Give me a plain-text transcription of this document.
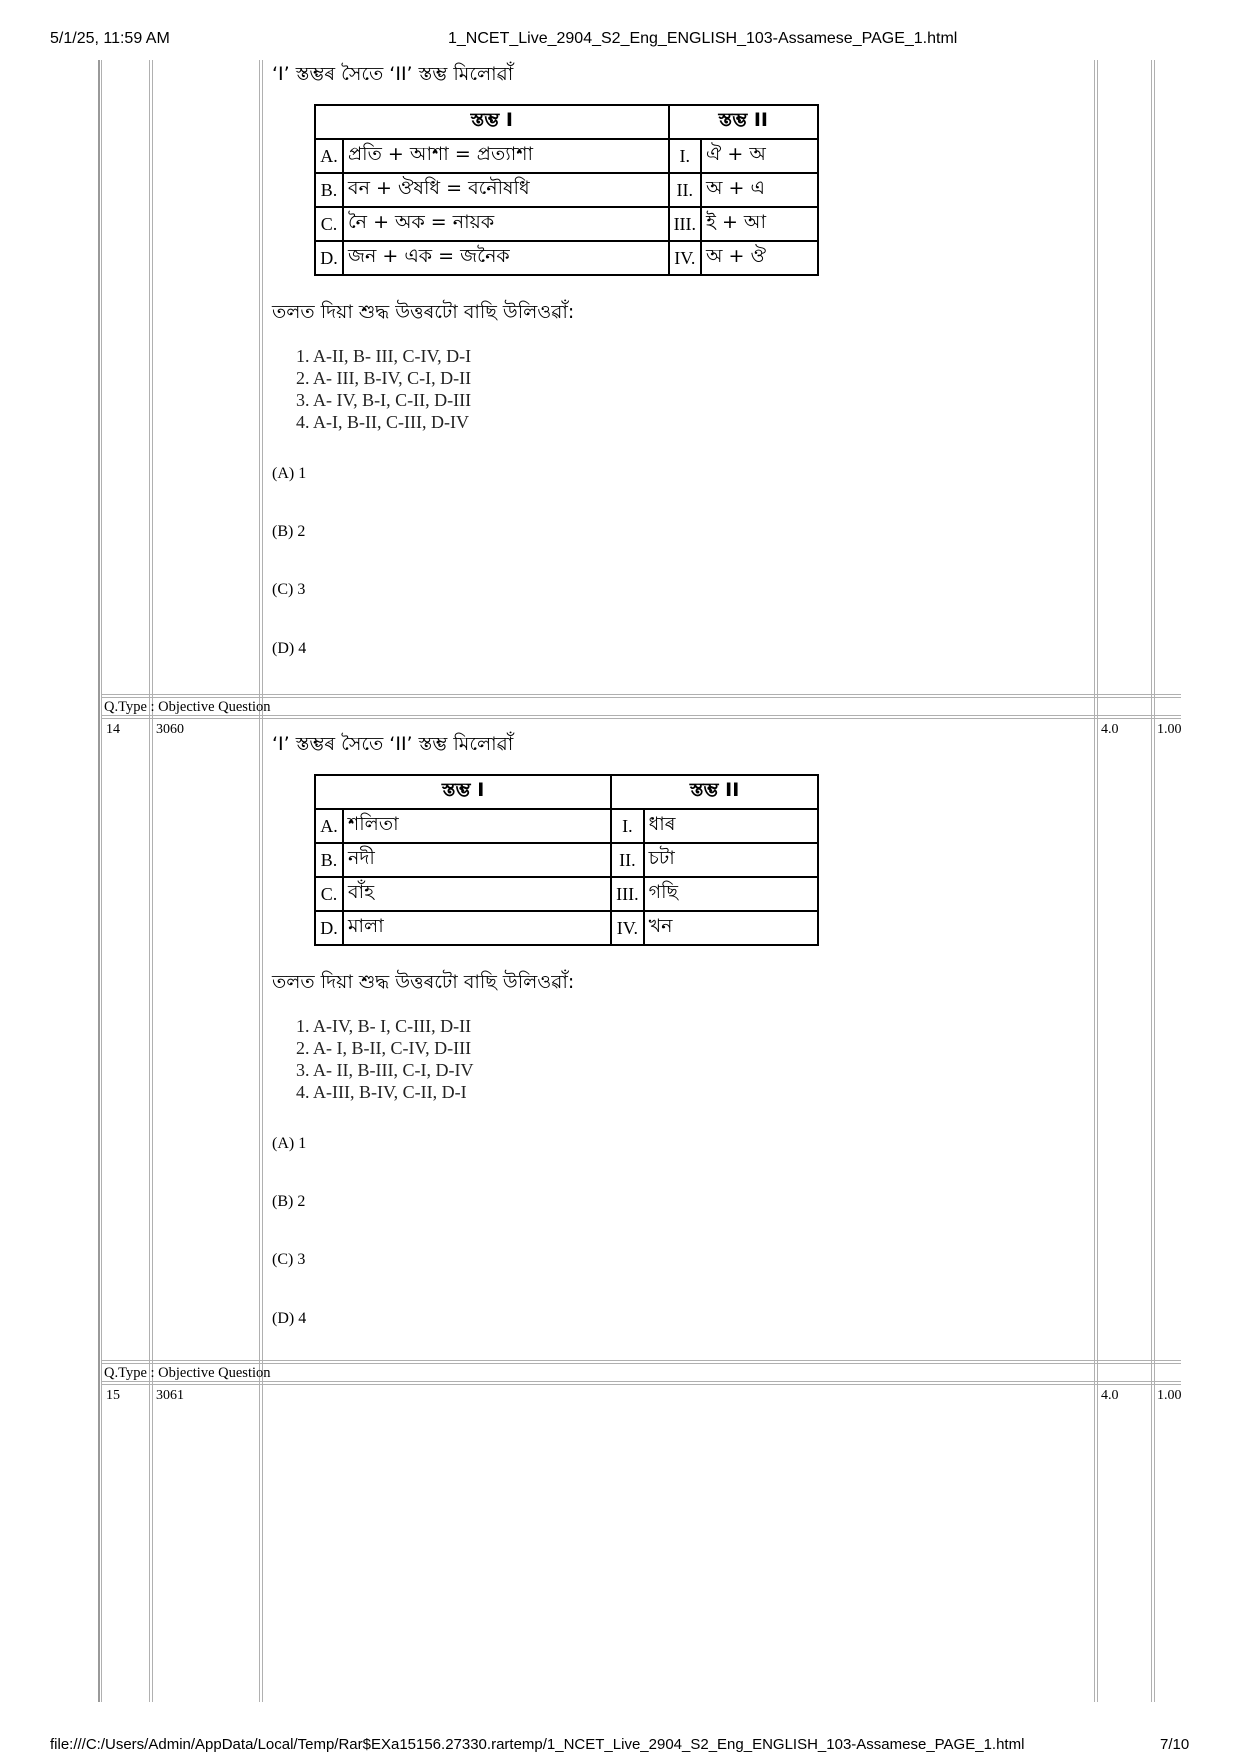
5/1/25, 11:59 AM	1_NCET_Live_2904_S2_Eng_ENGLISH_103-Assamese_PAGE_1.html
file:///C:/Users/Admin/AppData/Local/Temp/Rar$EXa15156.27330.rartemp/1_NCET_Live_2904_S2_Eng_ENGLISH_103-Assamese_PAGE_1.html	7/10
‘I’ স্তম্ভৰ সৈতে ‘II’ স্তম্ভ মিলোৱাঁ
স্তম্ভ I		স্তম্ভ II	
A.	প্ৰতি + আশা = প্ৰত্যাশা	I.	ঐ + অ
B.	বন + ঔষধি = বনৌষধি	II.	অ + এ
C.	নৈ + অক = নায়ক	III.	ই + আ
D.	জন + এক = জনৈক	IV.	অ + ঔ
তলত দিয়া শুদ্ধ উত্তৰটো বাছি উলিওৱাঁ:
1. A-II, B- III, C-IV, D-I
2. A- III, B-IV, C-I, D-II
3. A- IV, B-I, C-II, D-III
4. A-I, B-II, C-III, D-IV
(A) 1
(B) 2
(C) 3
(D) 4
Q.Type : Objective Question
14	3060	4.0	1.00
‘I’ স্তম্ভৰ সৈতে ‘II’ স্তম্ভ মিলোৱাঁ
স্তম্ভ I		স্তম্ভ II	
A.	শলিতা	I.	ধাৰ
B.	নদী	II.	চটা
C.	বাঁহ	III.	গছি
D.	মালা	IV.	খন
তলত দিয়া শুদ্ধ উত্তৰটো বাছি উলিওৱাঁ:
1. A-IV, B- I, C-III, D-II
2. A- I, B-II, C-IV, D-III
3. A- II, B-III, C-I, D-IV
4. A-III, B-IV, C-II, D-I
(A) 1
(B) 2
(C) 3
(D) 4
Q.Type : Objective Question
15	3061	4.0	1.00
